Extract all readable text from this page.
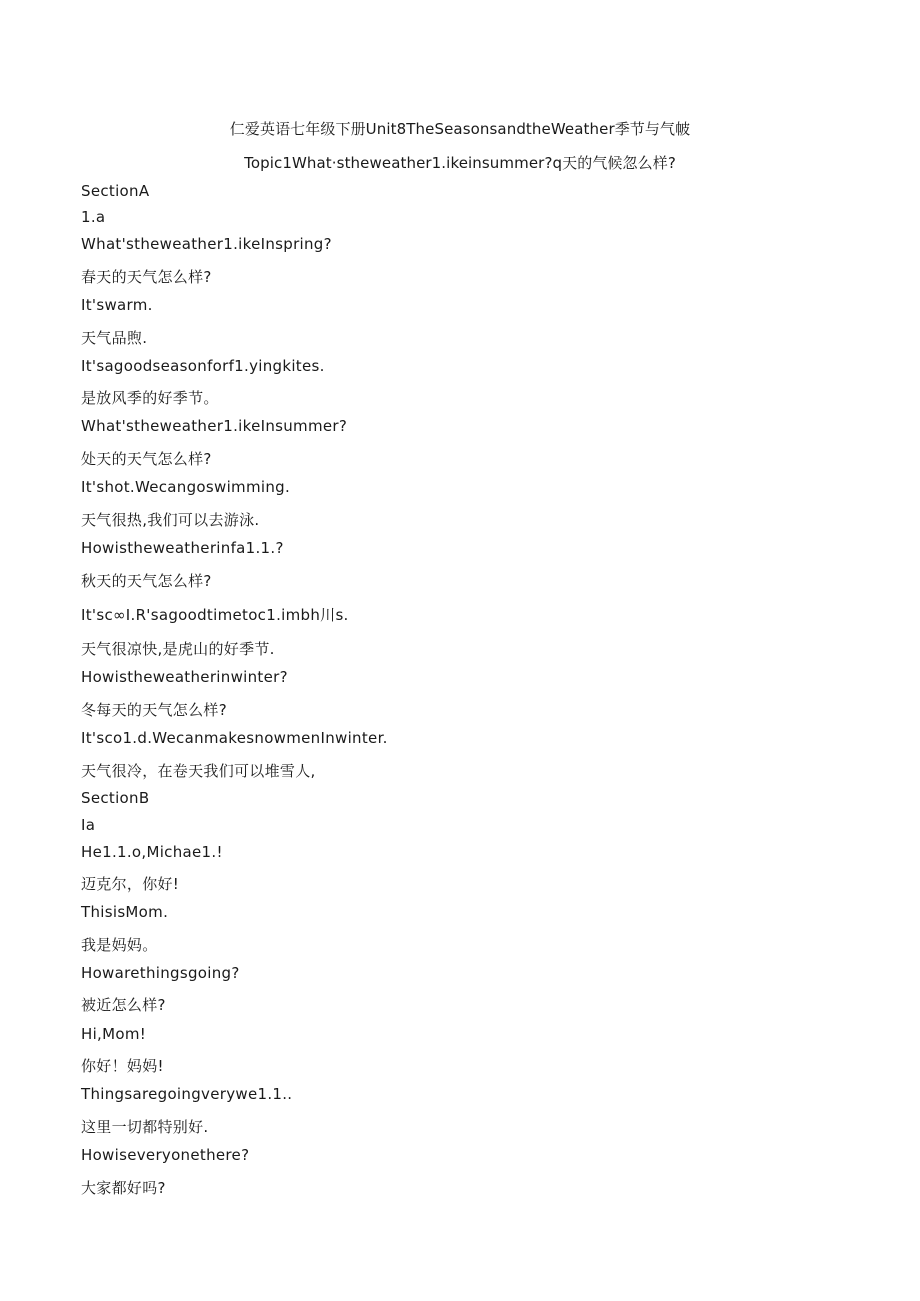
仁爱英语七年级下册Unit8TheSeasonsandtheWeather季节与气帔
Topic1What·stheweather1.ikeinsummer?q天的气候忽么样?
SectionA
1.a
What'stheweather1.ikeInspring?
春天的天气怎么样?
It'swarm.
天气品煦.
It'sagoodseasonforf1.yingkites.
是放风季的好季节。
What'stheweather1.ikeInsummer?
处天的天气怎么样?
It'shot.Wecangoswimming.
天气很热,我们可以去游泳.
Howistheweatherinfa1.1.?
秋天的天气怎么样?
It'sc∞I.R'sagoodtimetoc1.imbh川s.
天气很凉快,是虎山的好季节.
Howistheweatherinwinter?
冬每天的天气怎么样?
It'sco1.d.WecanmakesnowmenInwinter.
天气很冷，在卷天我们可以堆雪人,
SectionB
Ia
He1.1.o,Michae1.!
迈克尔，你好!
ThisisMom.
我是妈妈。
Howarethingsgoing?
被近怎么样?
Hi,Mom!
你好！妈妈!
Thingsaregoingverywe1.1..
这里一切都特别好.
Howiseveryonethere?
大家都好吗?
